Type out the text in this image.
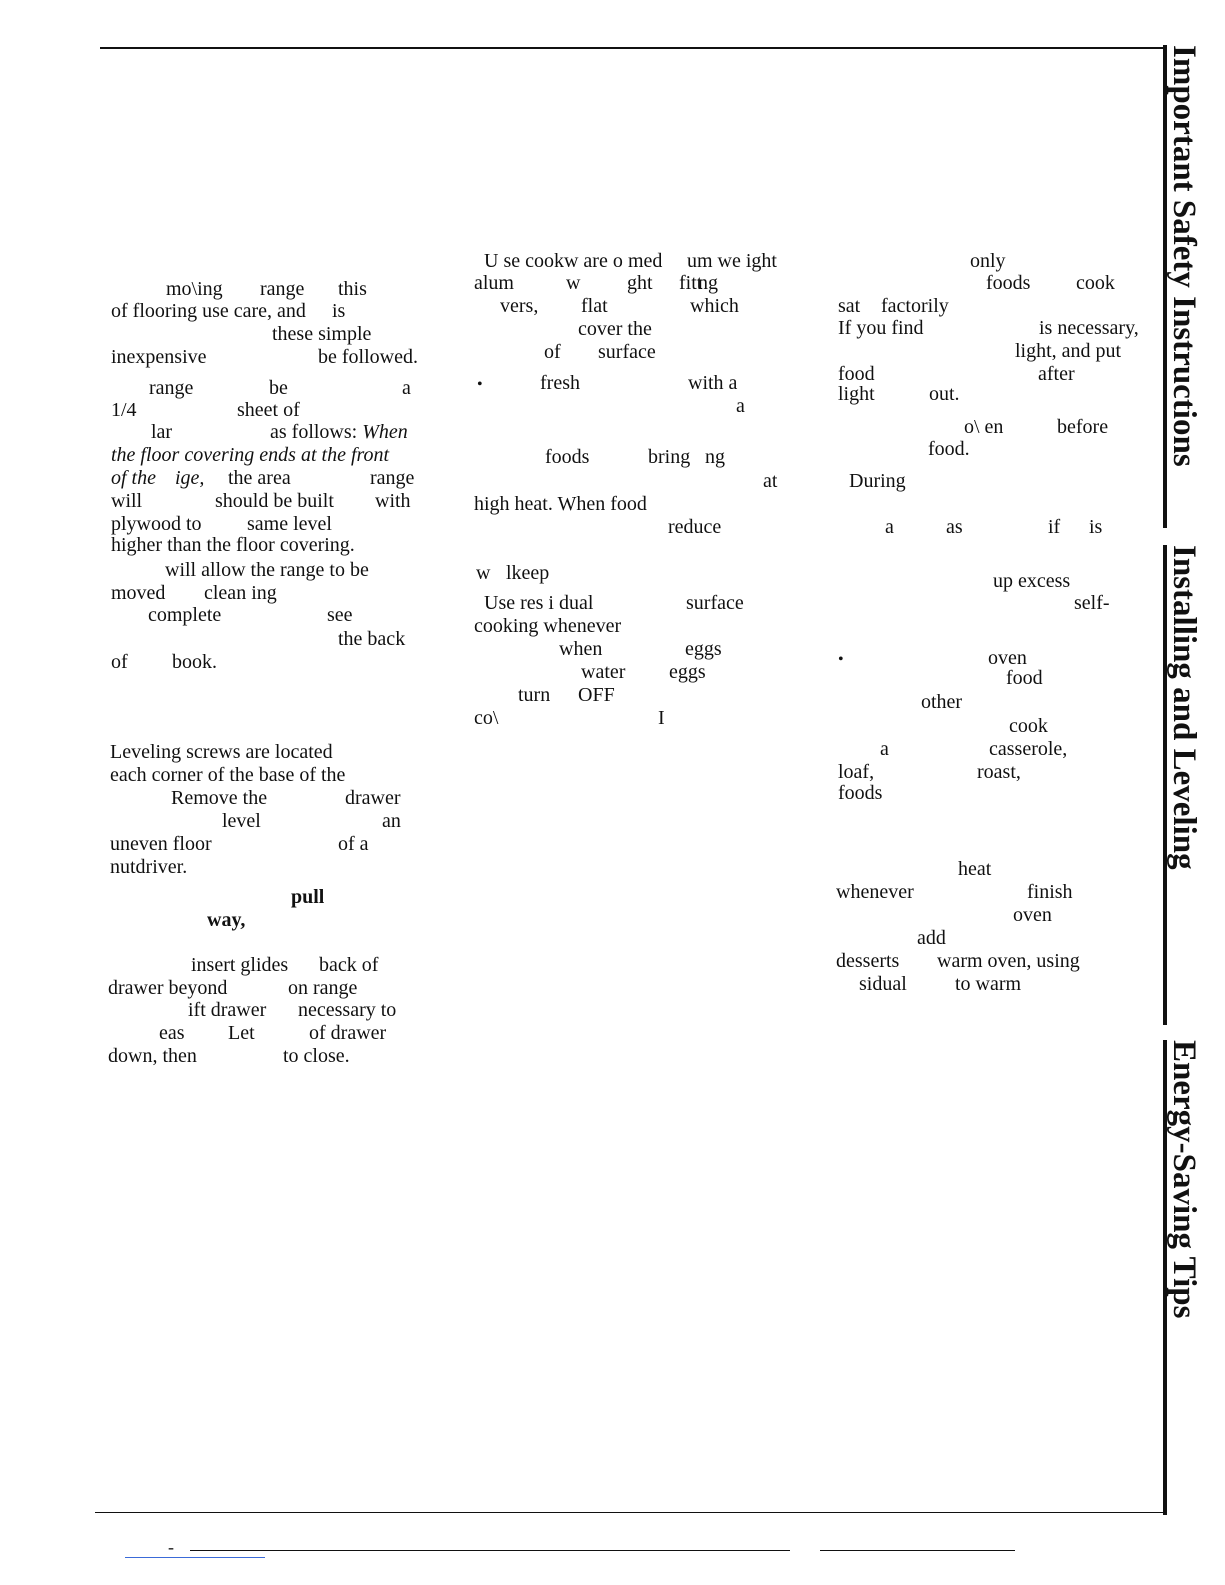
Important Safety Instructions
Installing and Leveling
Energy-Saving Tips
mo\ing range this
of flooring use care, and is
these simple
inexpensive	be followed.
range	be	a
1/4	sheet of
lar	as follows: When
the floor covering ends at the front
of the ige, the area	range
will	should be built with
plywood to same level
higher than the floor covering.
will allow the range to be
moved clean ing
complete	see
the back
of book.
Leveling screws are located
each corner of the base of the
Remove the	drawer
level	an
uneven floor	of a
nutdriver.
pull
way,
insert glides back of
drawer beyond	on range
ift drawer necessary to
eas Let	of drawer
down, then	to close.
U se cookw are o med um we ight
alum	w ght fitt
ng
vers, flat	which
cover the
of surface
•	fresh	with a
a
foods	bring ng
at
high heat. When food
reduce
w lkeep
Use res i dual	surface
cooking whenever
when	eggs
water eggs
turn OFF
co\	I
only
foods cook
sat factorily
If you find	is necessary,
light, and put
food	after
light	out.
o\ en	before
food.
During
a	as	if is
up excess
self-
•	oven
food
other
cook
a	casserole,
loaf,	roast,
foods
heat
whenever	finish
oven
add
desserts warm oven, using
sidual to warm
-
